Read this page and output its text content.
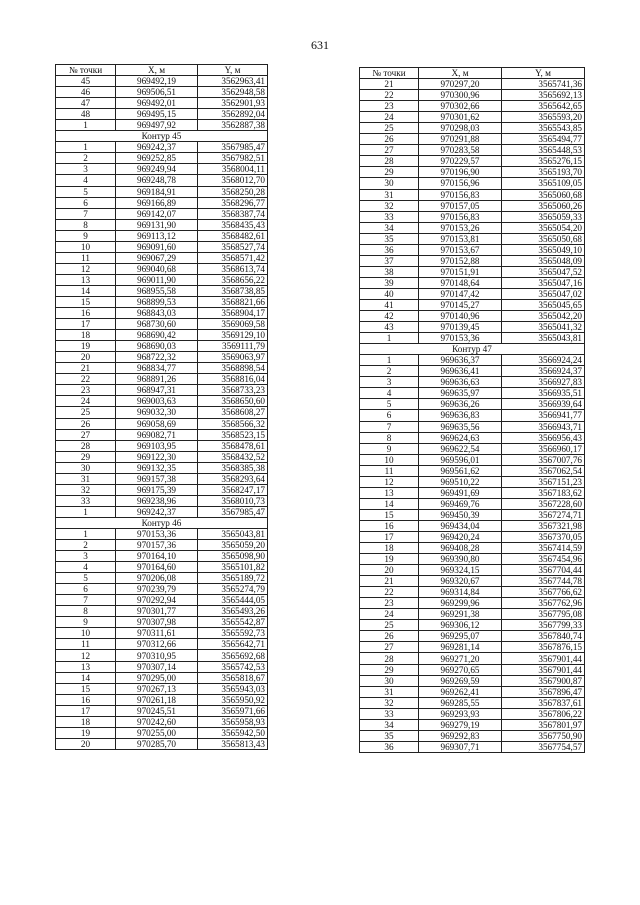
631
№ точки	X, м	Y, м
45	969492,19	3562963,41
46	969506,51	3562948,58
47	969492,01	3562901,93
48	969495,15	3562892,04
1	969497,92	3562887,38
Контур 45		
1	969242,37	3567985,47
2	969252,85	3567982,51
3	969249,94	3568004,11
4	969248,78	3568012,70
5	969184,91	3568250,28
6	969166,89	3568296,77
7	969142,07	3568387,74
8	969131,90	3568435,43
9	969113,12	3568482,61
10	969091,60	3568527,74
11	969067,29	3568571,42
12	969040,68	3568613,74
13	969011,90	3568656,22
14	968955,58	3568738,85
15	968899,53	3568821,66
16	968843,03	3568904,17
17	968730,60	3569069,58
18	968690,42	3569129,10
19	968690,03	3569111,79
20	968722,32	3569063,97
21	968834,77	3568898,54
22	968891,26	3568816,04
23	968947,31	3568733,23
24	969003,63	3568650,60
25	969032,30	3568608,27
26	969058,69	3568566,32
27	969082,71	3568523,15
28	969103,95	3568478,61
29	969122,30	3568432,52
30	969132,35	3568385,38
31	969157,38	3568293,64
32	969175,39	3568247,17
33	969238,96	3568010,73
1	969242,37	3567985,47
Контур 46		
1	970153,36	3565043,81
2	970157,36	3565059,20
3	970164,10	3565098,90
4	970164,60	3565101,82
5	970206,08	3565189,72
6	970239,79	3565274,79
7	970292,94	3565444,05
8	970301,77	3565493,26
9	970307,98	3565542,87
10	970311,61	3565592,73
11	970312,66	3565642,71
12	970310,95	3565692,68
13	970307,14	3565742,53
14	970295,00	3565818,67
15	970267,13	3565943,03
16	970261,18	3565950,92
17	970245,51	3565971,66
18	970242,60	3565958,93
19	970255,00	3565942,50
20	970285,70	3565813,43
№ точки	X, м	Y, м
21	970297,20	3565741,36
22	970300,96	3565692,13
23	970302,66	3565642,65
24	970301,62	3565593,20
25	970298,03	3565543,85
26	970291,88	3565494,77
27	970283,58	3565448,53
28	970229,57	3565276,15
29	970196,90	3565193,70
30	970156,96	3565109,05
31	970156,83	3565060,68
32	970157,05	3565060,26
33	970156,83	3565059,33
34	970153,26	3565054,20
35	970153,81	3565050,68
36	970153,67	3565049,10
37	970152,88	3565048,09
38	970151,91	3565047,52
39	970148,64	3565047,16
40	970147,42	3565047,02
41	970145,27	3565045,65
42	970140,96	3565042,20
43	970139,45	3565041,32
1	970153,36	3565043,81
Контур 47		
1	969636,37	3566924,24
2	969636,41	3566924,37
3	969636,63	3566927,83
4	969635,97	3566935,51
5	969636,26	3566939,64
6	969636,83	3566941,77
7	969635,56	3566943,71
8	969624,63	3566956,43
9	969622,54	3566960,17
10	969596,01	3567007,76
11	969561,62	3567062,54
12	969510,22	3567151,23
13	969491,69	3567183,62
14	969469,76	3567228,60
15	969450,39	3567274,71
16	969434,04	3567321,98
17	969420,24	3567370,05
18	969408,28	3567414,59
19	969390,80	3567454,96
20	969324,15	3567704,44
21	969320,67	3567744,78
22	969314,84	3567766,62
23	969299,96	3567762,96
24	969291,38	3567795,08
25	969306,12	3567799,33
26	969295,07	3567840,74
27	969281,14	3567876,15
28	969271,20	3567901,44
29	969270,65	3567901,44
30	969269,59	3567900,87
31	969262,41	3567896,47
32	969285,55	3567837,61
33	969293,93	3567806,22
34	969279,19	3567801,97
35	969292,83	3567750,90
36	969307,71	3567754,57
